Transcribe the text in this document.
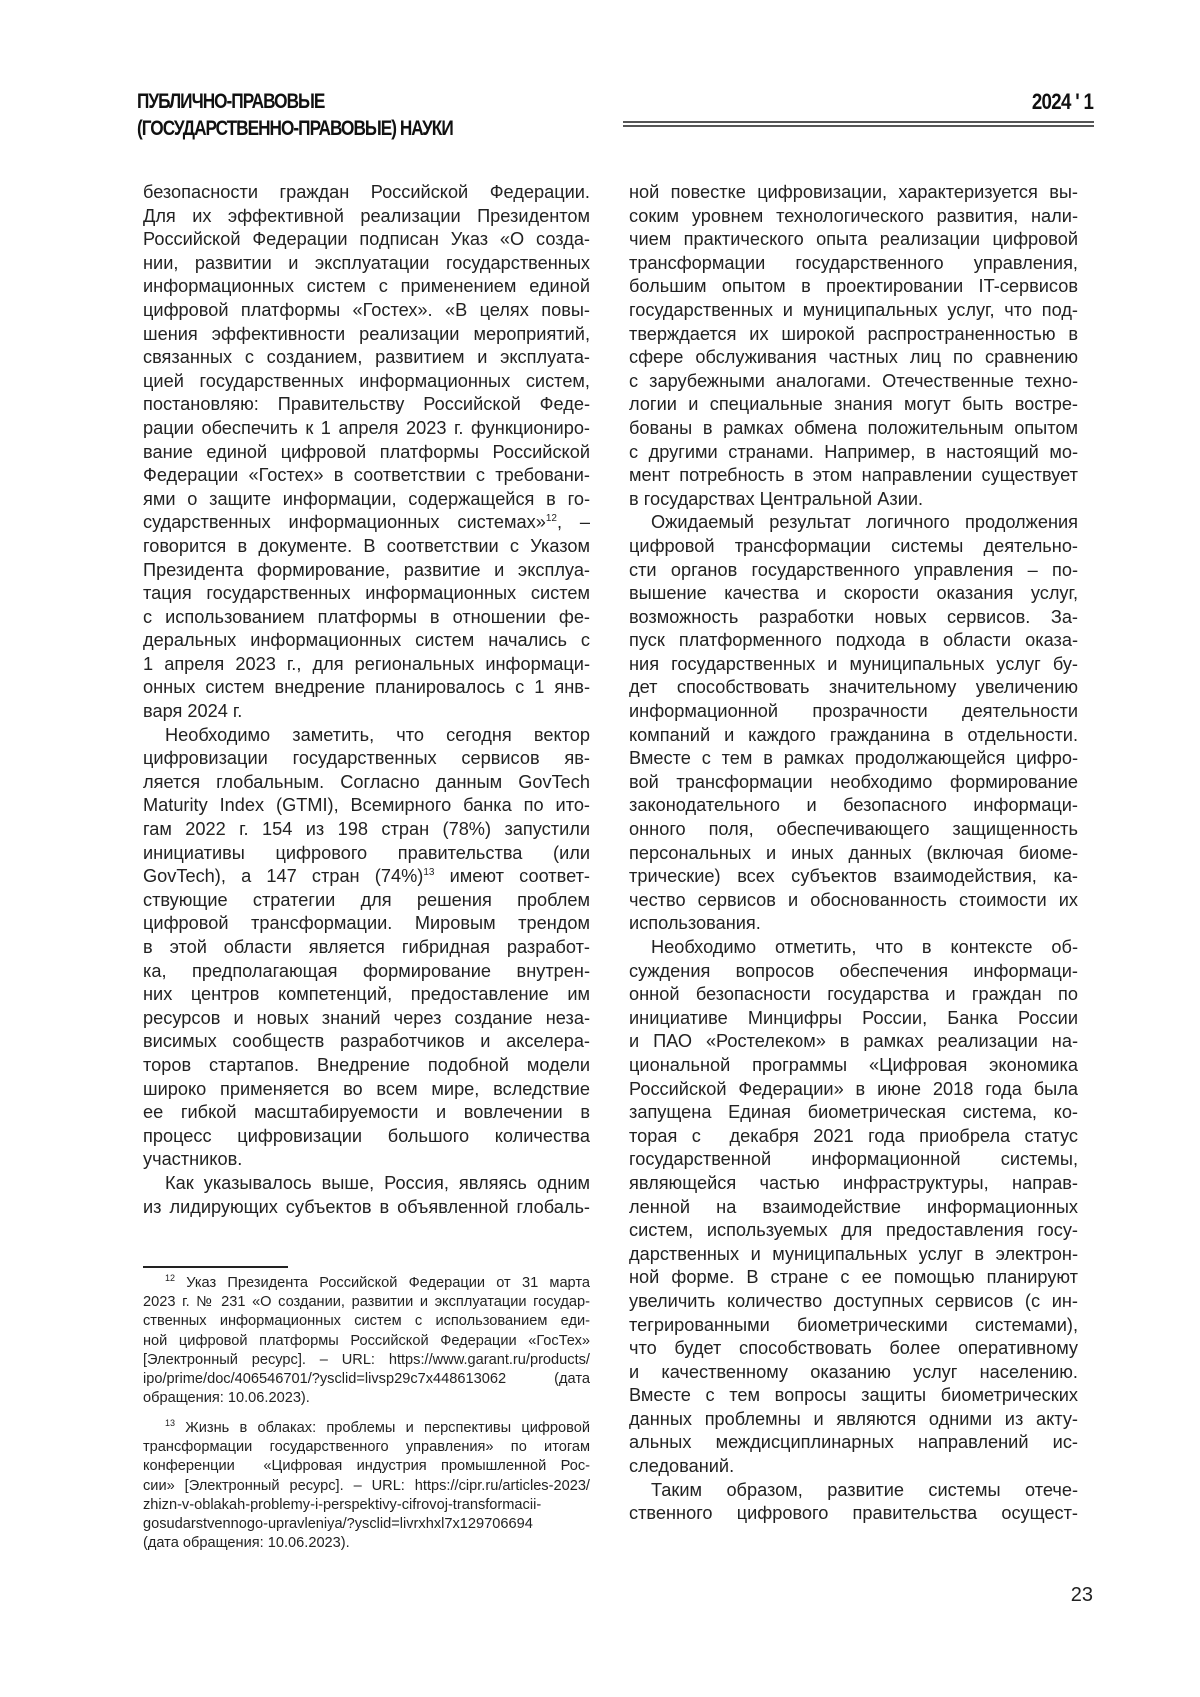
ПУБЛИЧНО-ПРАВОВЫЕ
(ГОСУДАРСТВЕННО-ПРАВОВЫЕ) НАУКИ
2024 ' 1
безопасности граждан Российской Федерации.
Для их эффективной реализации Президентом
Российской Федерации подписан Указ «О созда-
нии, развитии и эксплуатации государственных
информационных систем с применением единой
цифровой платформы «Гостех». «В целях повы-
шения эффективности реализации мероприятий,
связанных с созданием, развитием и эксплуата-
цией государственных информационных систем,
постановляю: Правительству Российской Феде-
рации обеспечить к 1 апреля 2023 г. функциониро-
вание единой цифровой платформы Российской
Федерации «Гостех» в соответствии с требовани-
ями о защите информации, содержащейся в го-
сударственных информационных системах»$^{12}$, –
говорится в документе. В соответствии с Указом
Президента формирование, развитие и эксплуа-
тация государственных информационных систем
с использованием платформы в отношении фе-
деральных информационных систем начались с
1 апреля 2023 г., для региональных информаци-
онных систем внедрение планировалось с 1 янв-
варя 2024 г.
Необходимо заметить, что сегодня вектор
цифровизации государственных сервисов яв-
ляется глобальным. Согласно данным GovTech
Maturity Index (GTMI), Всемирного банка по ито-
гам 2022 г. 154 из 198 стран (78%) запустили
инициативы цифрового правительства (или
GovTech), а 147 стран $(74\%)^{13}$ имеют соответ-
ствующие стратегии для решения проблем
цифровой трансформации. Мировым трендом
в этой области является гибридная разработ-
ка, предполагающая формирование внутрен-
них центров компетенций, предоставление им
ресурсов и новых знаний через создание неза-
висимых сообществ разработчиков и акселера-
торов стартапов. Внедрение подобной модели
широко применяется во всем мире, вследствие
ее гибкой масштабируемости и вовлечении в
процесс цифровизации большого количества
участников.
Как указывалось выше, Россия, являясь одним
из лидирующих субъектов в объявленной глобаль-
$^{12}$ Указ Президента Российской Федерации от 31 марта
2023 г. № 231 «О создании, развитии и эксплуатации государ-
ственных информационных систем с использованием еди-
ной цифровой платформы Российской Федерации «ГосТех»
[Электронный ресурс]. – URL: https://www.garant.ru/products/
ipo/prime/doc/406546701/?ysclid=livsp29c7x448613062      (дата
обращения: 10.06.2023).
$^{13}$ Жизнь в облаках: проблемы и перспективы цифровой
трансформации государственного управления» по итогам
конференции  «Цифровая индустрия промышленной Рос-
сии» [Электронный ресурс]. – URL: https://cipr.ru/articles-2023/
zhizn-v-oblakah-problemy-i-perspektivy-cifrovoj-transformacii-
gosudarstvennogo-upravleniya/?ysclid=livrxhxl7x129706694
(дата обращения: 10.06.2023).
ной повестке цифровизации, характеризуется вы-
соким уровнем технологического развития, нали-
чием практического опыта реализации цифровой
трансформации государственного управления,
большим опытом в проектировании IT-сервисов
государственных и муниципальных услуг, что под-
тверждается их широкой распространенностью в
сфере обслуживания частных лиц по сравнению
с зарубежными аналогами. Отечественные техно-
логии и специальные знания могут быть востре-
бованы в рамках обмена положительным опытом
с другими странами. Например, в настоящий мо-
мент потребность в этом направлении существует
в государствах Центральной Азии.
Ожидаемый результат логичного продолжения
цифровой трансформации системы деятельно-
сти органов государственного управления – по-
вышение качества и скорости оказания услуг,
возможность разработки новых сервисов. За-
пуск платформенного подхода в области оказа-
ния государственных и муниципальных услуг бу-
дет способствовать значительному увеличению
информационной прозрачности деятельности
компаний и каждого гражданина в отдельности.
Вместе с тем в рамках продолжающейся цифро-
вой трансформации необходимо формирование
законодательного и безопасного информаци-
онного поля, обеспечивающего защищенность
персональных и иных данных (включая биоме-
трические) всех субъектов взаимодействия, ка-
чество сервисов и обоснованность стоимости их
использования.
Необходимо отметить, что в контексте об-
суждения вопросов обеспечения информаци-
онной безопасности государства и граждан по
инициативе Минцифры России, Банка России
и ПАО «Ростелеком» в рамках реализации на-
циональной программы «Цифровая экономика
Российской Федерации» в июне 2018 года была
запущена Единая биометрическая система, ко-
торая с  декабря 2021 года приобрела статус
государственной информационной системы,
являющейся частью инфраструктуры, направ-
ленной на взаимодействие информационных
систем, используемых для предоставления госу-
дарственных и муниципальных услуг в электрон-
ной форме. В стране с ее помощью планируют
увеличить количество доступных сервисов (с ин-
тегрированными биометрическими системами),
что будет способствовать более оперативному
и качественному оказанию услуг населению.
Вместе с тем вопросы защиты биометрических
данных проблемны и являются одними из акту-
альных междисциплинарных направлений ис-
следований.
Таким образом, развитие системы отече-
ственного цифрового правительства осущест-
23
